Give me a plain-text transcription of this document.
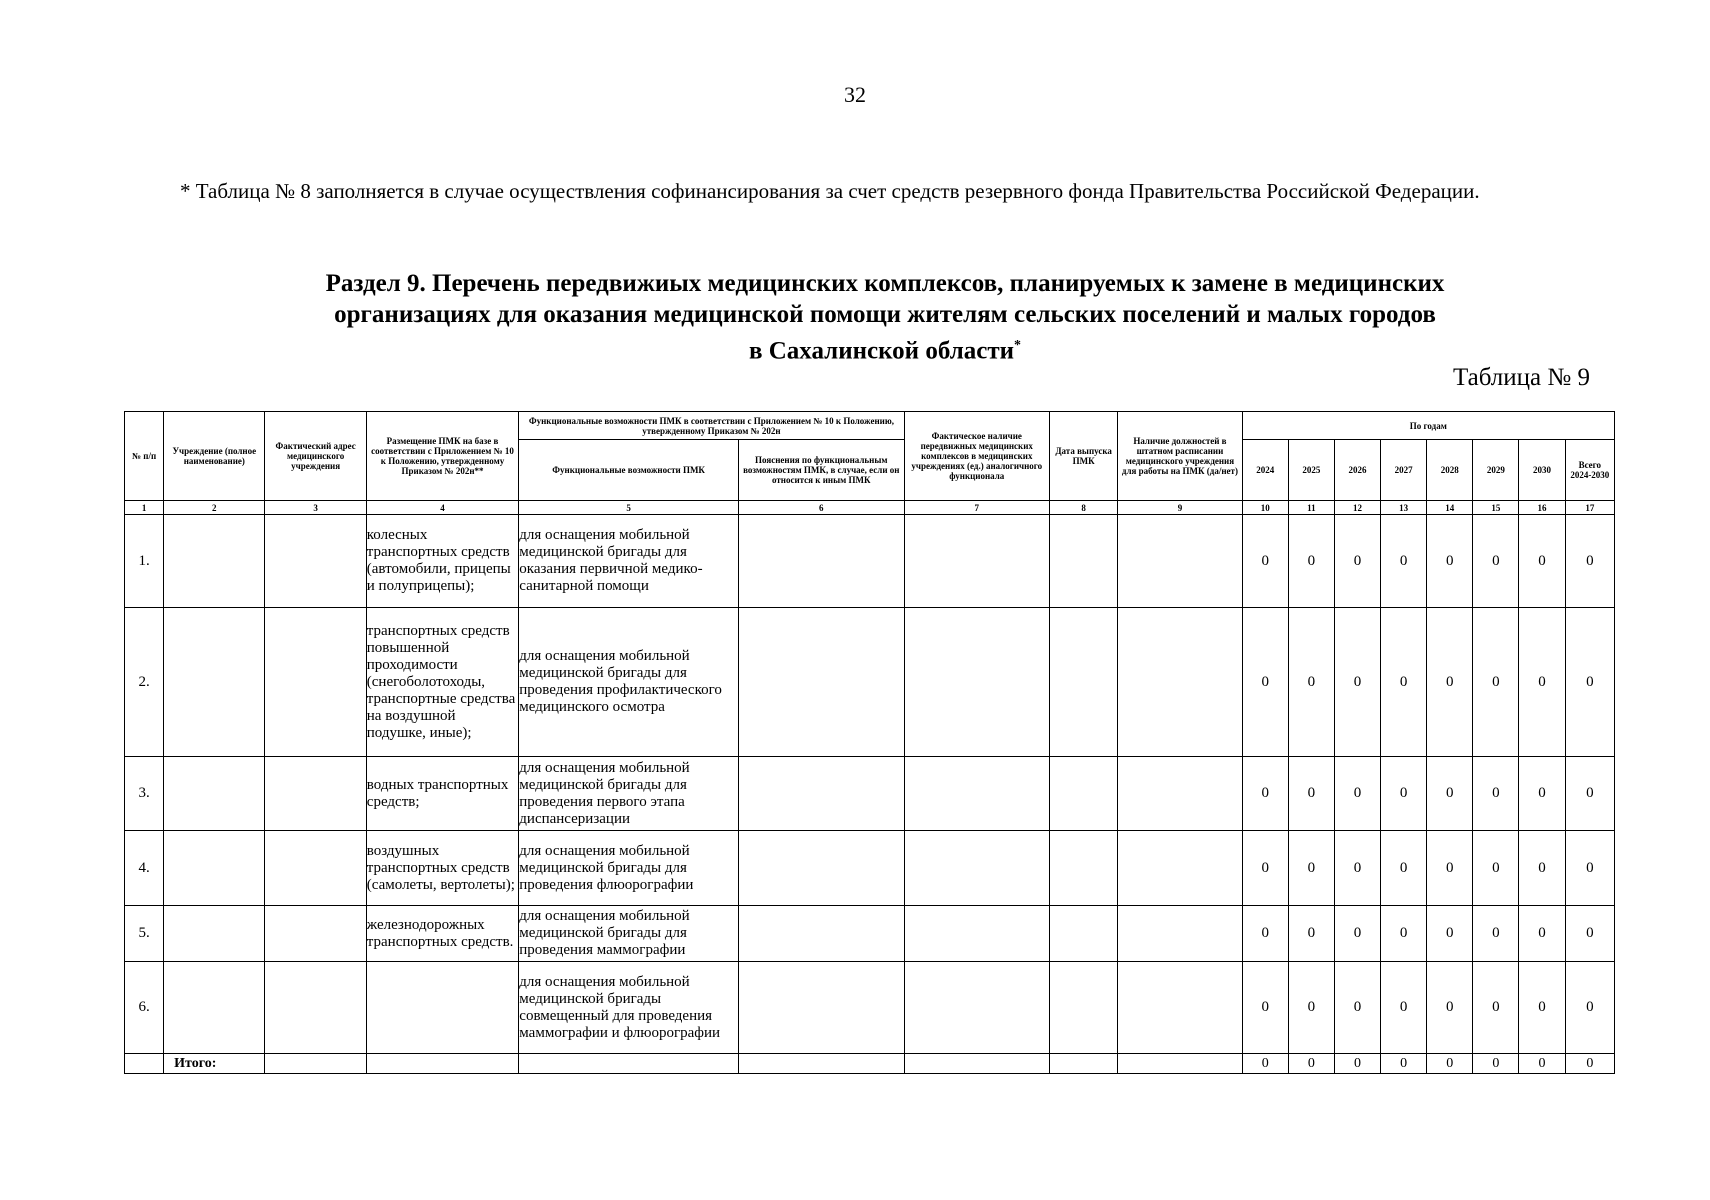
32
* Таблица № 8 заполняется в случае осуществления софинансирования за счет средств резервного фонда Правительства Российской Федерации.
Раздел 9. Перечень передвижиых медицинских комплексов, планируемых к замене в медицинских
организациях для оказания медицинской помощи жителям сельских поселений и малых городов
в Сахалинской области*
Таблица № 9
№ п/п	Учреждение (полное наименование)	Фактический адрес медицинского учреждения	Размещение ПМК на базе в соответствии с Приложением № 10 к Положению, утвержденному Приказом № 202н**	Функциональные возможности ПМК в соответствии с Приложением № 10 к Положению, утвержденному Приказом № 202н		Фактическое наличие передвижных медицинских комплексов в медицинских учреждениях (ед.) аналогичного функционала	Дата выпуска ПМК	Наличие должностей в штатном расписании медицинского учреждения для работы на ПМК (да/нет)	По годам							
				Функциональные возможности ПМК	Пояснения по функциональным возможностям ПМК, в случае, если он относится к иным ПМК				2024	2025	2026	2027	2028	2029	2030	Всего 2024-2030
1	2	3	4	5	6	7	8	9	10	11	12	13	14	15	16	17
1.			колесных транспортных средств (автомобили, прицепы и полуприцепы);	для оснащения мобильной медицинской бригады для оказания первичной медико-санитарной помощи					0	0	0	0	0	0	0	0
2.			транспортных средств повышенной проходимости (снегоболотоходы, транспортные средства на воздушной подушке, иные);	для оснащения мобильной медицинской бригады для проведения профилактического медицинского осмотра					0	0	0	0	0	0	0	0
3.			водных транспортных средств;	для оснащения мобильной медицинской бригады для проведения первого этапа диспансеризации					0	0	0	0	0	0	0	0
4.			воздушных транспортных средств (самолеты, вертолеты);	для оснащения мобильной медицинской бригады для проведения флюорографии					0	0	0	0	0	0	0	0
5.			железнодорожных транспортных средств.	для оснащения мобильной медицинской бригады для проведения маммографии					0	0	0	0	0	0	0	0
6.				для оснащения мобильной медицинской бригады совмещенный для проведения маммографии и флюорографии					0	0	0	0	0	0	0	0
	Итого:								0	0	0	0	0	0	0	0
